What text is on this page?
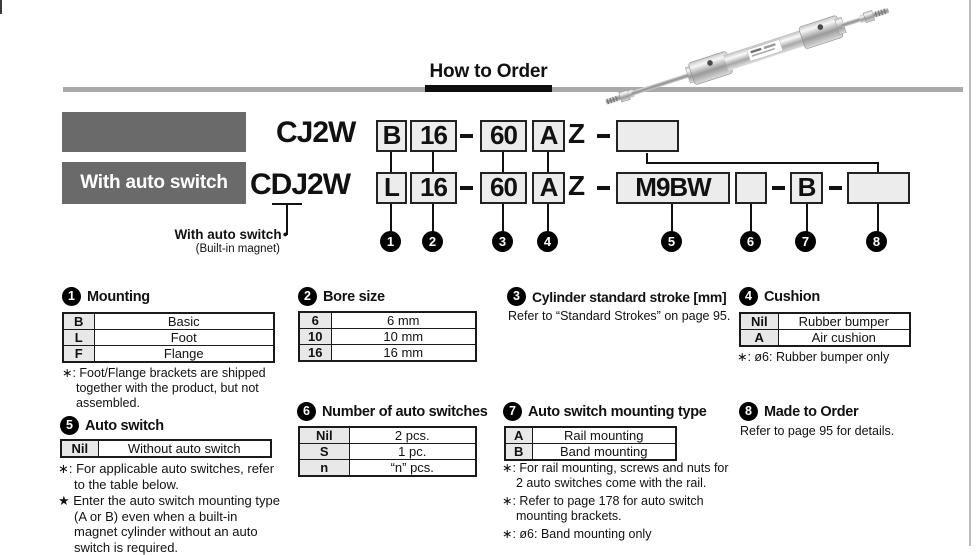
How to Order
With auto switch
CJ2W B 16	60 A Z
CDJ2W	L 16	60 A Z	M9BW	B
With auto switch●
(Built-in magnet)	1	2	3	4	5	6	7	8
1 Mounting
B	Basic
L	Foot
F	Flange
∗: Foot/Flange brackets are shipped
together with the product, but not
assembled.
2 Bore size
6	6 mm
10	10 mm
16	16 mm
3 Cylinder standard stroke [mm]
Refer to “Standard Strokes” on page 95.
4 Cushion
Nil	Rubber bumper
A	Air cushion
∗: ø6: Rubber bumper only
5 Auto switch
Nil	Without auto switch
∗: For applicable auto switches, refer
to the table below.
★ Enter the auto switch mounting type
(A or B) even when a built-in
magnet cylinder without an auto
switch is required.
6 Number of auto switches
Nil	2 pcs.
S	1 pc.
n	“n” pcs.
7 Auto switch mounting type
A	Rail mounting
B	Band mounting
∗: For rail mounting, screws and nuts for
2 auto switches come with the rail.
∗: Refer to page 178 for auto switch
mounting brackets.
∗: ø6: Band mounting only
8 Made to Order
Refer to page 95 for details.
